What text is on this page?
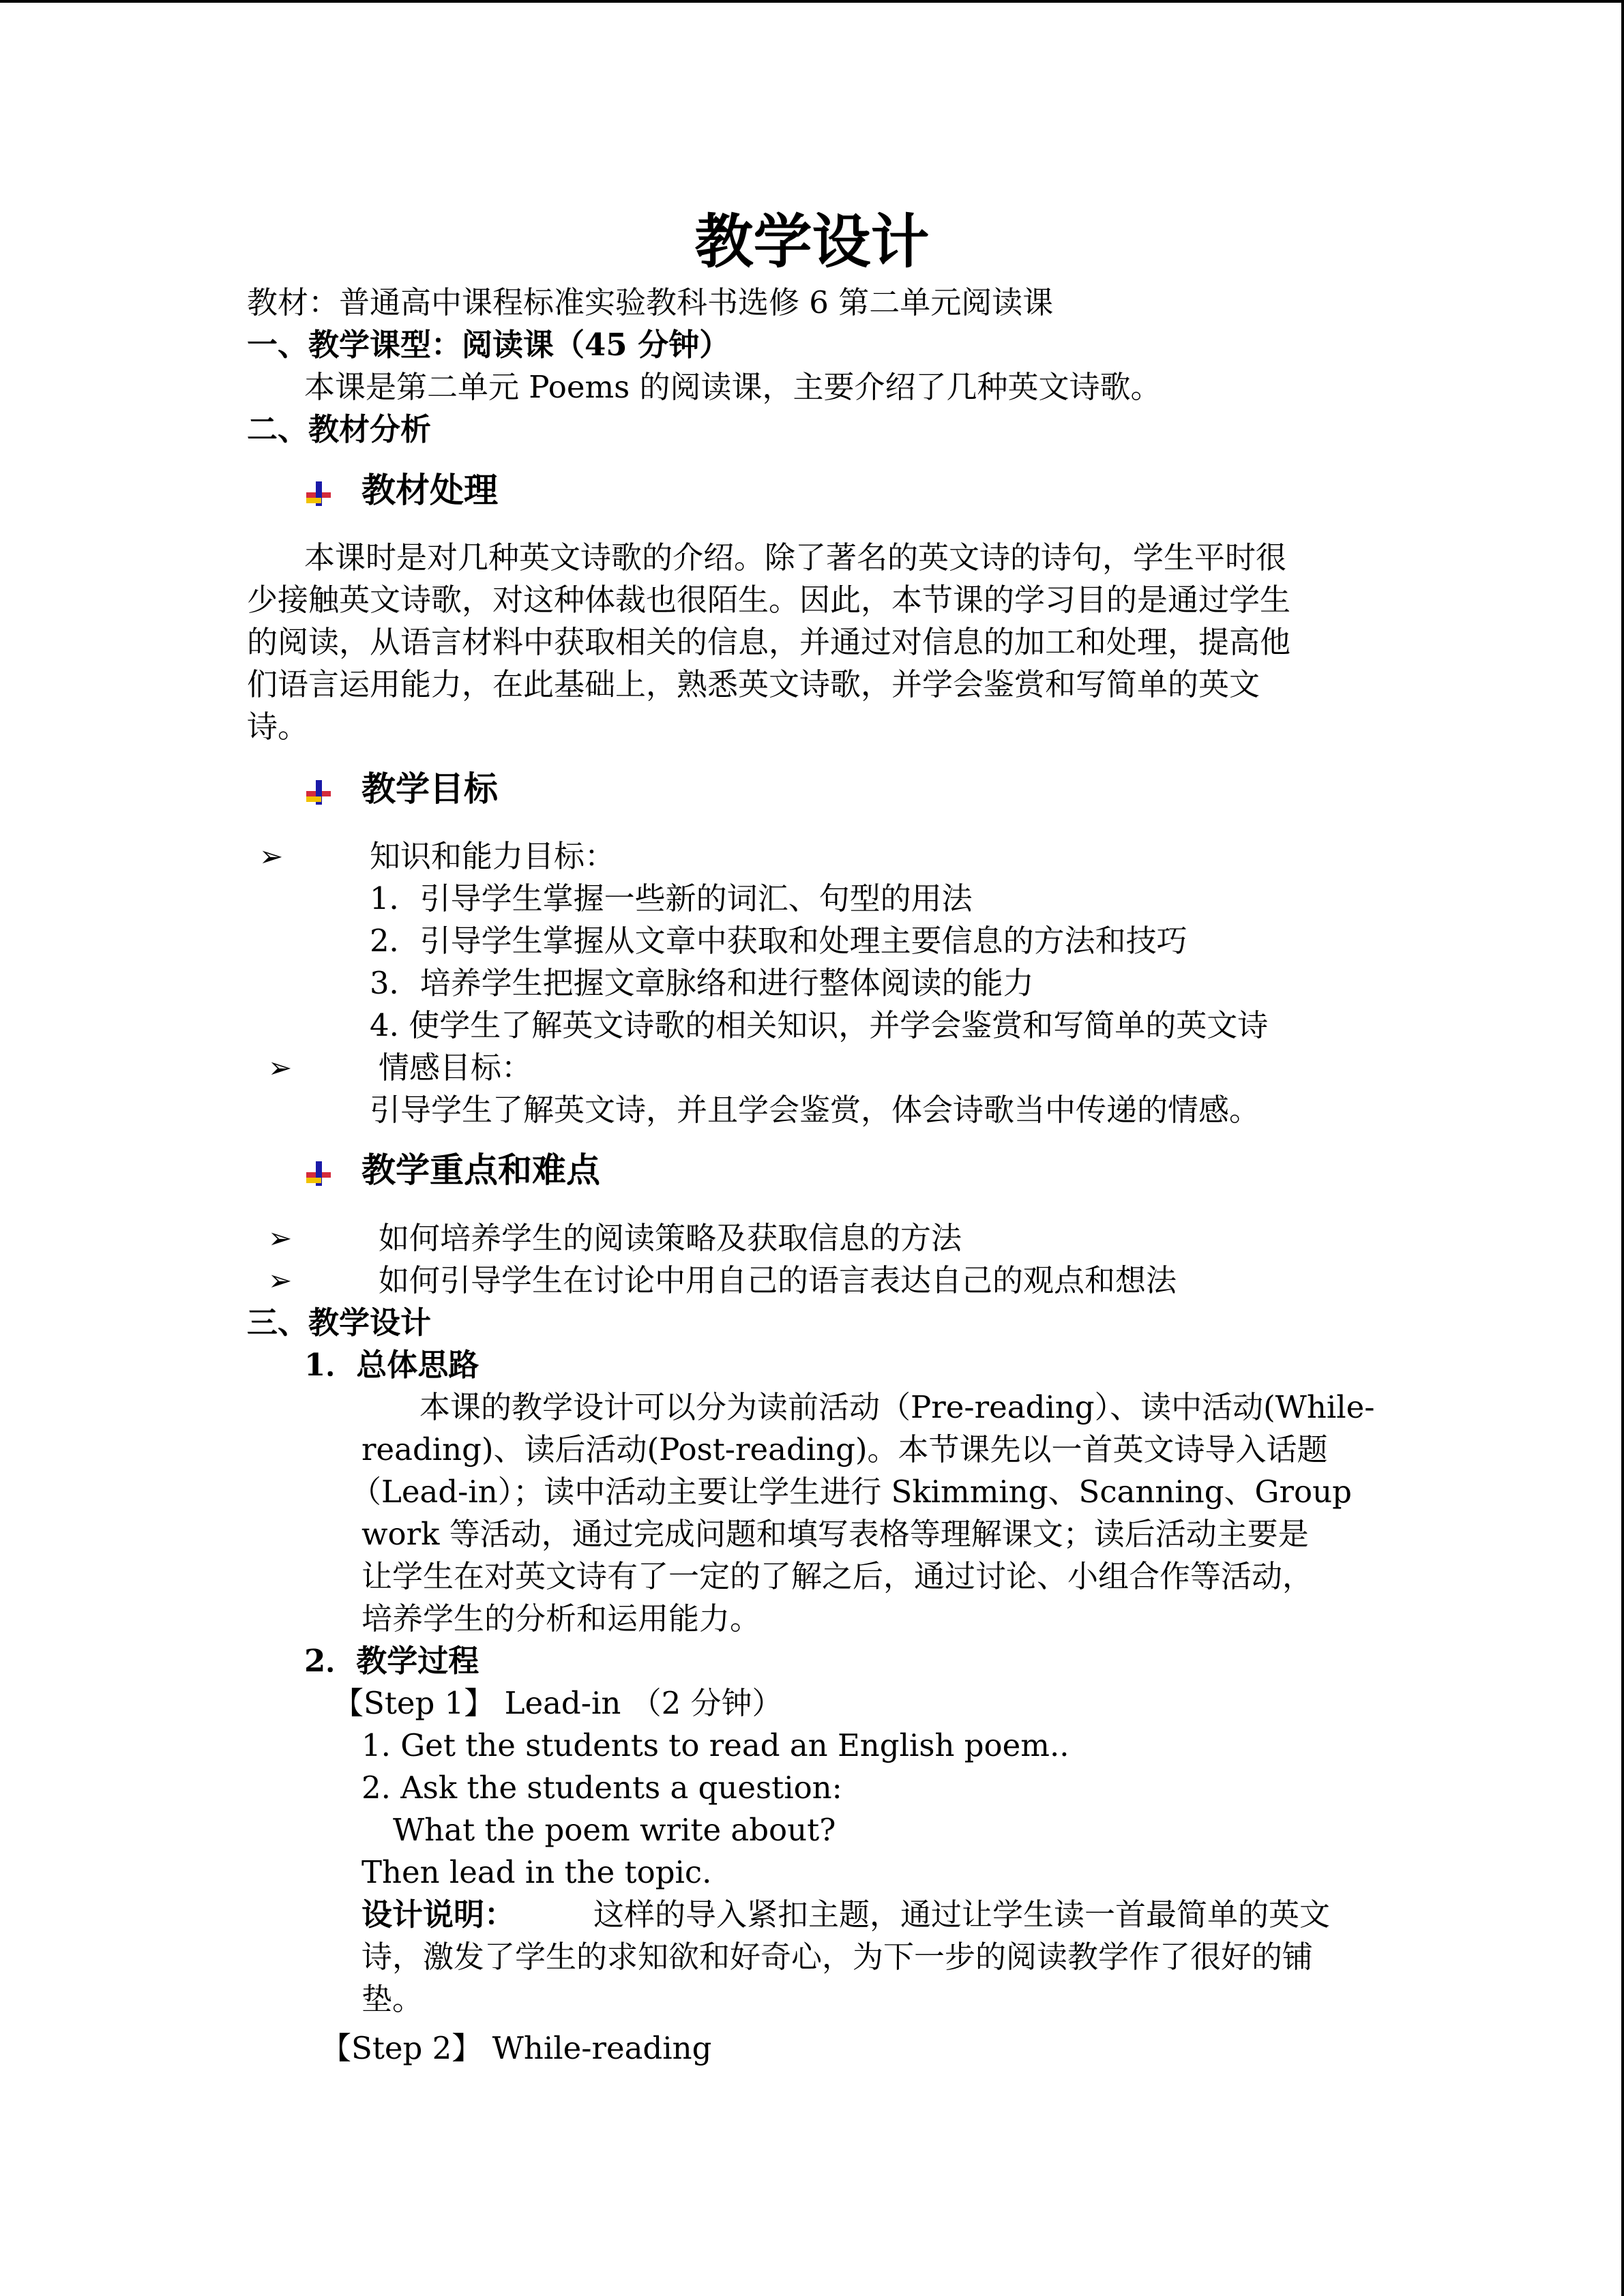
教学设计
教材：普通高中课程标准实验教科书选修 6 第二单元阅读课
一、教学课型：阅读课（45 分钟）
本课是第二单元 Poems 的阅读课，主要介绍了几种英文诗歌。
二、教材分析
教材处理
本课时是对几种英文诗歌的介绍。除了著名的英文诗的诗句，学生平时很
少接触英文诗歌，对这种体裁也很陌生。因此，本节课的学习目的是通过学生
的阅读，从语言材料中获取相关的信息，并通过对信息的加工和处理，提高他
们语言运用能力，在此基础上，熟悉英文诗歌，并学会鉴赏和写简单的英文
诗。
教学目标
➢	知识和能力目标：
1．引导学生掌握一些新的词汇、句型的用法
2．引导学生掌握从文章中获取和处理主要信息的方法和技巧
3．培养学生把握文章脉络和进行整体阅读的能力
4. 使学生了解英文诗歌的相关知识，并学会鉴赏和写简单的英文诗
➢	情感目标：
引导学生了解英文诗，并且学会鉴赏，体会诗歌当中传递的情感。
教学重点和难点
➢	如何培养学生的阅读策略及获取信息的方法
➢	如何引导学生在讨论中用自己的语言表达自己的观点和想法
三、教学设计
1．总体思路
本课的教学设计可以分为读前活动（Pre-reading）、读中活动(While-
reading)、读后活动(Post-reading)。本节课先以一首英文诗导入话题
（Lead-in）；读中活动主要让学生进行 Skimming、Scanning、Group
work 等活动，通过完成问题和填写表格等理解课文；读后活动主要是
让学生在对英文诗有了一定的了解之后，通过讨论、小组合作等活动，
培养学生的分析和运用能力。
2．教学过程
【Step 1】 Lead-in （2 分钟）
1. Get the students to read an English poem..
2. Ask the students a question:
What the poem write about?
Then lead in the topic.
设计说明：	这样的导入紧扣主题，通过让学生读一首最简单的英文
诗，激发了学生的求知欲和好奇心，为下一步的阅读教学作了很好的铺
垫。
【Step 2】 While-reading
